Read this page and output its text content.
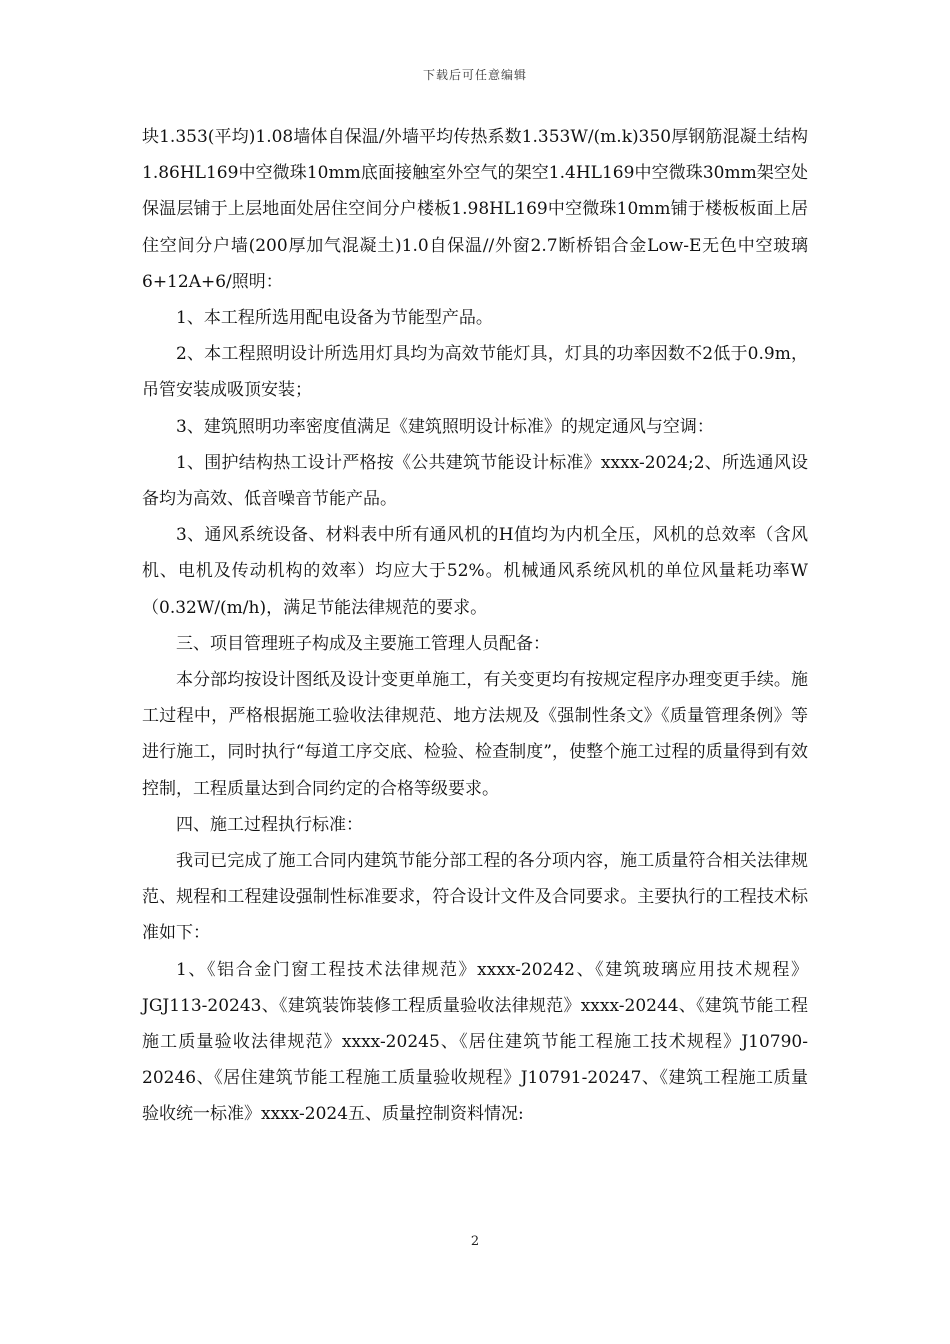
下载后可任意编辑

块1.353(平均)1.08墙体自保温/外墙平均传热系数1.353W/(m.k)350厚钢筋混凝土结构1.86HL169中空微珠10mm底面接触室外空气的架空1.4HL169中空微珠30mm架空处保温层铺于上层地面处居住空间分户楼板1.98HL169中空微珠10mm铺于楼板板面上居住空间分户墙(200厚加气混凝土)1.0自保温//外窗2.7断桥铝合金Low-E无色中空玻璃6+12A+6/照明：

1、本工程所选用配电设备为节能型产品。

2、本工程照明设计所选用灯具均为高效节能灯具，灯具的功率因数不2低于0.9m，吊管安装成吸顶安装；

3、建筑照明功率密度值满足《建筑照明设计标准》的规定通风与空调：

1、围护结构热工设计严格按《公共建筑节能设计标准》xxxx-2024;2、所选通风设备均为高效、低音噪音节能产品。

3、通风系统设备、材料表中所有通风机的H值均为内机全压，风机的总效率（含风机、电机及传动机构的效率）均应大于52%。机械通风系统风机的单位风量耗功率W（0.32W/(m/h)，满足节能法律规范的要求。

三、项目管理班子构成及主要施工管理人员配备：

本分部均按设计图纸及设计变更单施工，有关变更均有按规定程序办理变更手续。施工过程中，严格根据施工验收法律规范、地方法规及《强制性条文》《质量管理条例》等进行施工，同时执行“每道工序交底、检验、检查制度”，使整个施工过程的质量得到有效控制，工程质量达到合同约定的合格等级要求。

四、施工过程执行标准：

我司已完成了施工合同内建筑节能分部工程的各分项内容，施工质量符合相关法律规范、规程和工程建设强制性标准要求，符合设计文件及合同要求。主要执行的工程技术标准如下：

1、《铝合金门窗工程技术法律规范》xxxx-20242、《建筑玻璃应用技术规程》JGJ113-20243、《建筑装饰装修工程质量验收法律规范》xxxx-20244、《建筑节能工程施工质量验收法律规范》xxxx-20245、《居住建筑节能工程施工技术规程》J10790-20246、《居住建筑节能工程施工质量验收规程》J10791-20247、《建筑工程施工质量验收统一标准》xxxx-2024五、质量控制资料情况:

2
